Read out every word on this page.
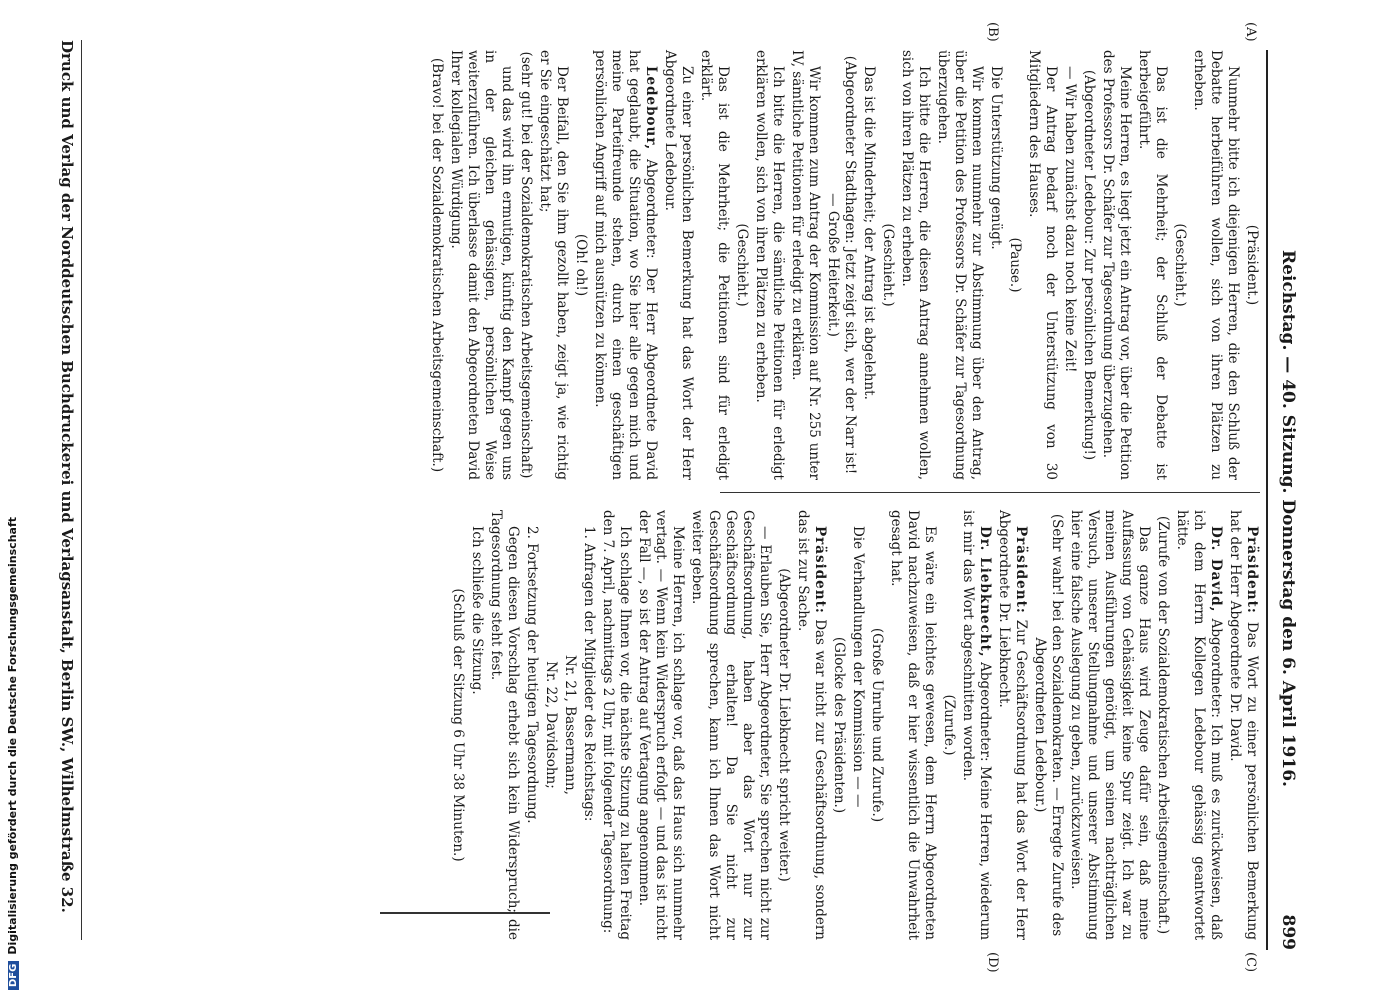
Reichstag. — 40. Sitzung. Donnerstag den 6. April 1916.
899
(A)
(B)
(C)
(D)

(Präsident.)

Nunmehr bitte ich diejenigen Herren, die den Schluß der Debatte herbeiführen wollen, sich von ihren Plätzen zu erheben.

(Geschieht.)

Das ist die Mehrheit; der Schluß der Debatte ist herbeigeführt.

Meine Herren, es liegt jetzt ein Antrag vor, über die Petition des Professors Dr. Schäfer zur Tagesordnung überzugehen.

(Abgeordneter Ledebour: Zur persönlichen Bemerkung!)

— Wir haben zunächst dazu noch keine Zeit!

Der Antrag bedarf noch der Unterstützung von 30 Mitgliedern des Hauses.

(Pause.)

Die Unterstützung genügt.

Wir kommen nunmehr zur Abstimmung über den Antrag, über die Petition des Professors Dr. Schäfer zur Tagesordnung überzugehen.

Ich bitte die Herren, die diesen Antrag annehmen wollen, sich von ihren Plätzen zu erheben.

(Geschieht.)

Das ist die Minderheit; der Antrag ist abgelehnt.

(Abgeordneter Stadthagen: Jetzt zeigt sich, wer der Narr ist! — Große Heiterkeit.)

Wir kommen zum Antrag der Kommission auf Nr. 255 unter IV, sämtliche Petitionen für erledigt zu erklären.

Ich bitte die Herren, die sämtliche Petitionen für erledigt erklären wollen, sich von ihren Plätzen zu erheben.

(Geschieht.)

Das ist die Mehrheit; die Petitionen sind für erledigt erklärt.

Zu einer persönlichen Bemerkung hat das Wort der Herr Abgeordnete Ledebour.

Ledebour, Abgeordneter: Der Herr Abgeordnete David hat geglaubt, die Situation, wo Sie hier alle gegen mich und meine Parteifreunde stehen, durch einen geschäftigen persönlichen Angriff auf mich ausnützen zu können.

(Oh! oh!)

Der Beifall, den Sie ihm gezollt haben, zeigt ja, wie richtig er Sie eingeschätzt hat;

(sehr gut! bei der Sozialdemokratischen Arbeitsgemeinschaft)

und das wird ihn ermutigen, künftig den Kampf gegen uns in der gleichen gehässigen, persönlichen Weise weiterzuführen. Ich überlasse damit den Abgeordneten David Ihrer kollegialen Würdigung.

(Bravo! bei der Sozialdemokratischen Arbeitsgemeinschaft.)

Präsident: Das Wort zu einer persönlichen Bemerkung hat der Herr Abgeordnete Dr. David.

Dr. David, Abgeordneter: Ich muß es zurückweisen, daß ich dem Herrn Kollegen Ledebour gehässig geantwortet hätte.

(Zurufe von der Sozialdemokratischen Arbeitsgemeinschaft.)

Das ganze Haus wird Zeuge dafür sein, daß meine Auffassung von Gehässigkeit keine Spur zeigt. Ich war zu meinen Ausführungen genötigt, um seinen nachträglichen Versuch, unserer Stellungnahme und unserer Abstimmung hier eine falsche Auslegung zu geben, zurückzuweisen.

(Sehr wahr! bei den Sozialdemokraten. — Erregte Zurufe des Abgeordneten Ledebour.)

Präsident: Zur Geschäftsordnung hat das Wort der Herr Abgeordnete Dr. Liebknecht.

Dr. Liebknecht, Abgeordneter: Meine Herren, wiederum ist mir das Wort abgeschnitten worden.

(Zurufe.)

Es wäre ein leichtes gewesen, dem Herrn Abgeordneten David nachzuweisen, daß er hier wissentlich die Unwahrheit gesagt hat.

(Große Unruhe und Zurufe.)

Die Verhandlungen der Kommission — —

(Glocke des Präsidenten.)

Präsident: Das war nicht zur Geschäftsordnung, sondern das ist zur Sache.

(Abgeordneter Dr. Liebknecht spricht weiter.)

— Erlauben Sie, Herr Abgeordneter, Sie sprechen nicht zur Geschäftsordnung, haben aber das Wort nur zur Geschäftsordnung erhalten! Da Sie nicht zur Geschäftsordnung sprechen, kann ich Ihnen das Wort nicht weiter geben.

Meine Herren, ich schlage vor, daß das Haus sich nunmehr vertagt. — Wenn kein Widerspruch erfolgt — und das ist nicht der Fall —, so ist der Antrag auf Vertagung angenommen.

Ich schlage Ihnen vor, die nächste Sitzung zu halten Freitag den 7. April, nachmittags 2 Uhr, mit folgender Tagesordnung:

1. Anfragen der Mitglieder des Reichstags:

Nr. 21, Bassermann,

Nr. 22, Davidsohn;

2. Fortsetzung der heutigen Tagesordnung.

Gegen diesen Vorschlag erhebt sich kein Widerspruch; die Tagesordnung steht fest.

Ich schließe die Sitzung.

(Schluß der Sitzung 6 Uhr 38 Minuten.)

DFGDigitalisierung gefördert durch die Deutsche Forschungsgemeinschaft	Druck und Verlag der Norddeutschen Buchdruckerei und Verlagsanstalt, Berlin SW., Wilhelmstraße 32.
